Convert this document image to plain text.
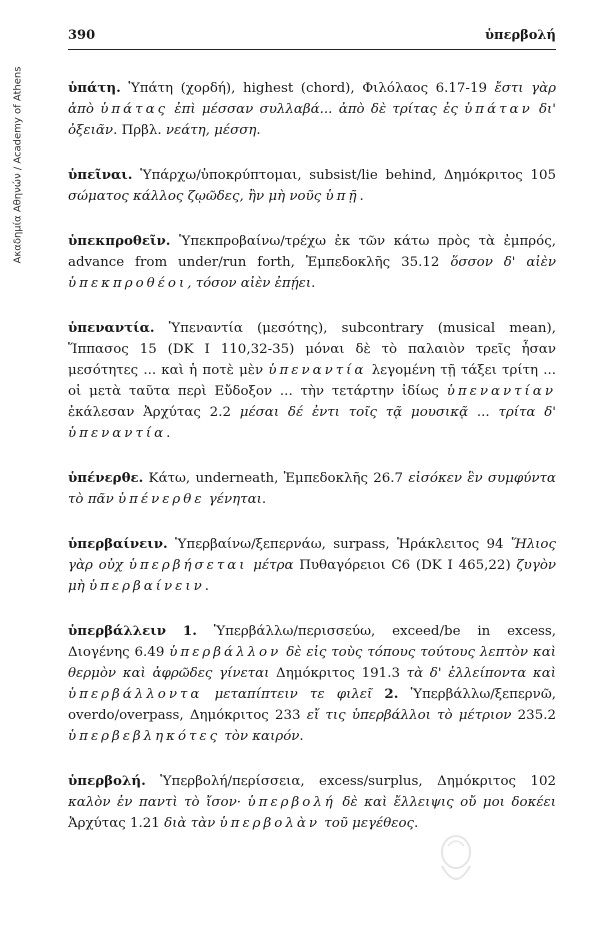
Ακαδημία Αθηνών / Academy of Athens
390	ὑπερβολή

ὑπάτη. Ὑπάτη (χορδή), highest (chord), Φιλόλαος 6.17-19 ἔστι γὰρ ἀπὸ ὑπάτας ἐπὶ μέσσαν συλλαβά... ἀπὸ δὲ τρίτας ἐς ὑπάταν δι' ὀξειᾶν. Πρβλ. νεάτη, μέσση.

ὑπεῖναι. Ὑπάρχω/ὑποκρύπτομαι, subsist/lie behind, Δημόκριτος 105 σώματος κάλλος ζῳῶδες, ἢν μὴ νοῦς ὑπῇ.

ὑπεκπροθεῖν. Ὑπεκπροβαίνω/τρέχω ἐκ τῶν κάτω πρὸς τὰ ἐμπρός, advance from under/run forth, Ἐμπεδοκλῆς 35.12 ὅσσον δ' αἰὲν ὑπεκπροθέοι, τόσον αἰὲν ἐπῄει.

ὑπεναντία. Ὑπεναντία (μεσότης), subcontrary (musical mean), Ἵππασος 15 (DK I 110,32-35) μόναι δὲ τὸ παλαιὸν τρεῖς ἦσαν μεσότητες ... καὶ ἡ ποτὲ μὲν ὑπεναντία λεγομένη τῇ τάξει τρίτη ... οἱ μετὰ ταῦτα περὶ Εὔδοξον ... τὴν τετάρτην ἰδίως ὑπεναντίαν ἐκάλεσαν Ἀρχύτας 2.2 μέσαι δέ ἐντι τοῖς τᾷ μουσικᾷ ... τρίτα δ' ὑπεναντία.

ὑπένερθε. Κάτω, underneath, Ἐμπεδοκλῆς 26.7 εἰσόκεν ἓν συμφύντα τὸ πᾶν ὑπένερθε γένηται.

ὑπερβαίνειν. Ὑπερβαίνω/ξεπερνάω, surpass, Ἡράκλειτος 94 Ἥλιος γὰρ οὐχ ὑπερβήσεται μέτρα Πυθαγόρειοι C6 (DK I 465,22) ζυγὸν μὴ ὑπερβαίνειν.

ὑπερβάλλειν 1. Ὑπερβάλλω/περισσεύω, exceed/be in excess, Διογένης 6.49 ὑπερβάλλον δὲ εἰς τοὺς τόπους τούτους λεπτὸν καὶ θερμὸν καὶ ἀφρῶδες γίνεται Δημόκριτος 191.3 τὰ δ' ἐλλείποντα καὶ ὑπερβάλλοντα μεταπίπτειν τε φιλεῖ 2. Ὑπερβάλλω/ξεπερνῶ, overdo/overpass, Δημόκριτος 233 εἴ τις ὑπερβάλλοι τὸ μέτριον 235.2 ὑπερβεβληκότες τὸν καιρόν.

ὑπερβολή. Ὑπερβολή/περίσσεια, excess/surplus, Δημόκριτος 102 καλὸν ἐν παντὶ τὸ ἴσον· ὑπερβολή δὲ καὶ ἔλλειψις οὔ μοι δοκέει Ἀρχύτας 1.21 διὰ τὰν ὑπερβολὰν τοῦ μεγέθεος.
